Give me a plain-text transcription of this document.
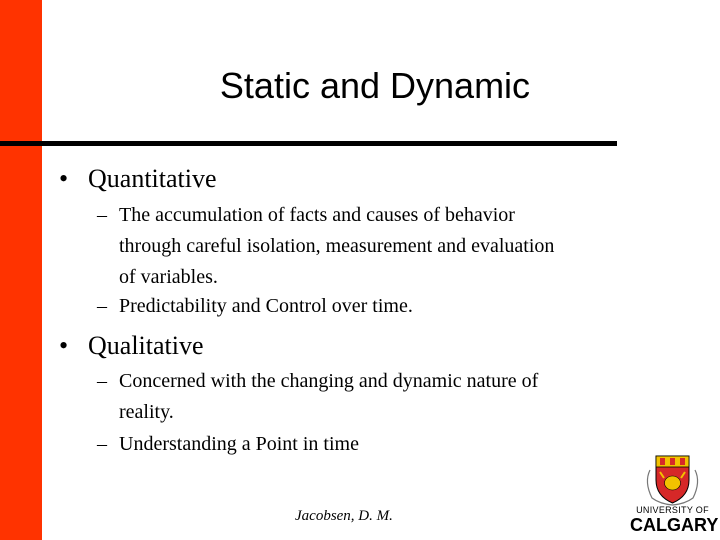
Static and Dynamic
• Quantitative
– The accumulation of facts and causes of behavior
through careful isolation, measurement and evaluation
of variables.
– Predictability and Control over time.
• Qualitative
– Concerned with the changing and dynamic nature of
reality.
– Understanding a Point in time
Jacobsen, D. M.	UNIVERSITY OF
CALGARY
